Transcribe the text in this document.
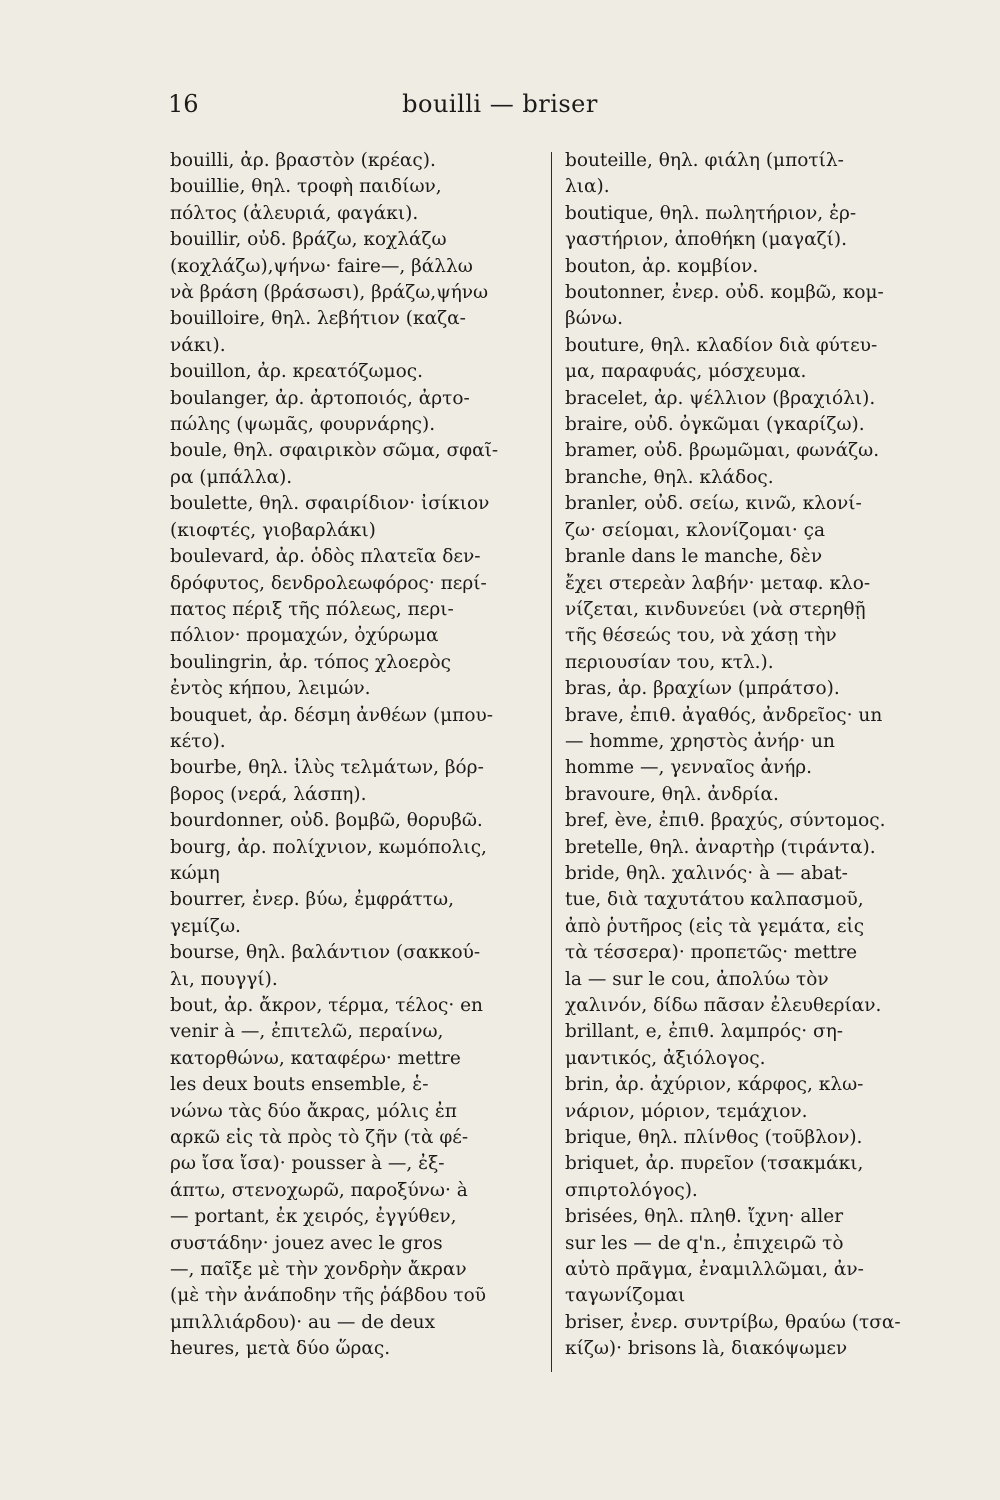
16	bouilli — briser

bouilli, ἀρ. βραστὸν (κρέας).

bouillie, θηλ. τροφὴ παιδίων,
πόλτος (ἀλευριά, φαγάκι).

bouillir, οὐδ. βράζω, κοχλάζω
(κοχλάζω),ψήνω· faire—, βάλλω
νὰ βράση (βράσωσι), βράζω,ψήνω

bouilloire, θηλ. λεβήτιον (καζα-
νάκι).

bouillon, ἀρ. κρεατόζωμος.

boulanger, ἀρ. ἀρτοποιός, ἀρτο-
πώλης (ψωμᾶς, φουρνάρης).

boule, θηλ. σφαιρικὸν σῶμα, σφαῖ-
ρα (μπάλλα).

boulette, θηλ. σφαιρίδιον· ἰσίκιον
(κιοφτές, γιοβαρλάκι)

boulevard, ἀρ. ὁδὸς πλατεῖα δεν-
δρόφυτος, δενδρολεωφόρος· περί-
πατος πέριξ τῆς πόλεως, περι-
πόλιον· προμαχών, ὀχύρωμα

boulingrin, ἀρ. τόπος χλοερὸς
ἐντὸς κήπου, λειμών.

bouquet, ἀρ. δέσμη ἀνθέων (μπου-
κέτο).

bourbe, θηλ. ἰλὺς τελμάτων, βόρ-
βορος (νερά, λάσπη).

bourdonner, οὐδ. βομβῶ, θορυβῶ.

bourg, ἀρ. πολίχνιον, κωμόπολις,
κώμη

bourrer, ἐνερ. βύω, ἐμφράττω,
γεμίζω.

bourse, θηλ. βαλάντιον (σακκού-
λι, πουγγί).

bout, ἀρ. ἄκρον, τέρμα, τέλος· en
venir à —, ἐπιτελῶ, περαίνω,
κατορθώνω, καταφέρω· mettre
les deux bouts ensemble, ἑ-
νώνω τὰς δύο ἄκρας, μόλις ἐπ
αρκῶ εἰς τὰ πρὸς τὸ ζῆν (τὰ φέ-
ρω ἴσα ἴσα)· pousser à —, ἐξ-
άπτω, στενοχωρῶ, παροξύνω· à
— portant, ἐκ χειρός, ἐγγύθεν,
συστάδην· jouez avec le gros
—, παῖξε μὲ τὴν χονδρὴν ἄκραν
(μὲ τὴν ἀνάποδην τῆς ῥάβδου τοῦ
μπιλλιάρδου)· au — de deux
heures, μετὰ δύο ὥρας.

bouteille, θηλ. φιάλη (μποτίλ-
λια).

boutique, θηλ. πωλητήριον, ἐρ-
γαστήριον, ἀποθήκη (μαγαζί).

bouton, ἀρ. κομβίον.

boutonner, ἐνερ. οὐδ. κομβῶ, κομ-
βώνω.

bouture, θηλ. κλαδίον διὰ φύτευ-
μα, παραφυάς, μόσχευμα.

bracelet, ἀρ. ψέλλιον (βραχιόλι).

braire, οὐδ. ὀγκῶμαι (γκαρίζω).

bramer, οὐδ. βρωμῶμαι, φωνάζω.

branche, θηλ. κλάδος.

branler, οὐδ. σείω, κινῶ, κλονί-
ζω· σείομαι, κλονίζομαι· ça
branle dans le manche, δὲν
ἔχει στερεὰν λαβήν· μεταφ. κλο-
νίζεται, κινδυνεύει (νὰ στερηθῇ
τῆς θέσεώς του, νὰ χάσῃ τὴν
περιουσίαν του, κτλ.).

bras, ἀρ. βραχίων (μπράτσο).

brave, ἐπιθ. ἀγαθός, ἀνδρεῖος· un
— homme, χρηστὸς ἀνήρ· un
homme —, γενναῖος ἀνήρ.

bravoure, θηλ. ἀνδρία.

bref, ève, ἐπιθ. βραχύς, σύντομος.

bretelle, θηλ. ἀναρτὴρ (τιράντα).

bride, θηλ. χαλινός· à — abat-
tue, διὰ ταχυτάτου καλπασμοῦ,
ἀπὸ ῥυτῆρος (εἰς τὰ γεμάτα, εἰς
τὰ τέσσερα)· προπετῶς· mettre
la — sur le cou, ἀπολύω τὸν
χαλινόν, δίδω πᾶσαν ἐλευθερίαν.

brillant, e, ἐπιθ. λαμπρός· ση-
μαντικός, ἀξιόλογος.

brin, ἀρ. ἀχύριον, κάρφος, κλω-
νάριον, μόριον, τεμάχιον.

brique, θηλ. πλίνθος (τοῦβλον).

briquet, ἀρ. πυρεῖον (τσακμάκι,
σπιρτολόγος).

brisées, θηλ. πληθ. ἴχνη· aller
sur les — de q'n., ἐπιχειρῶ τὸ
αὐτὸ πρᾶγμα, ἐναμιλλῶμαι, ἀν-
ταγωνίζομαι

briser, ἐνερ. συντρίβω, θραύω (τσα-
κίζω)· brisons là, διακόψωμεν
